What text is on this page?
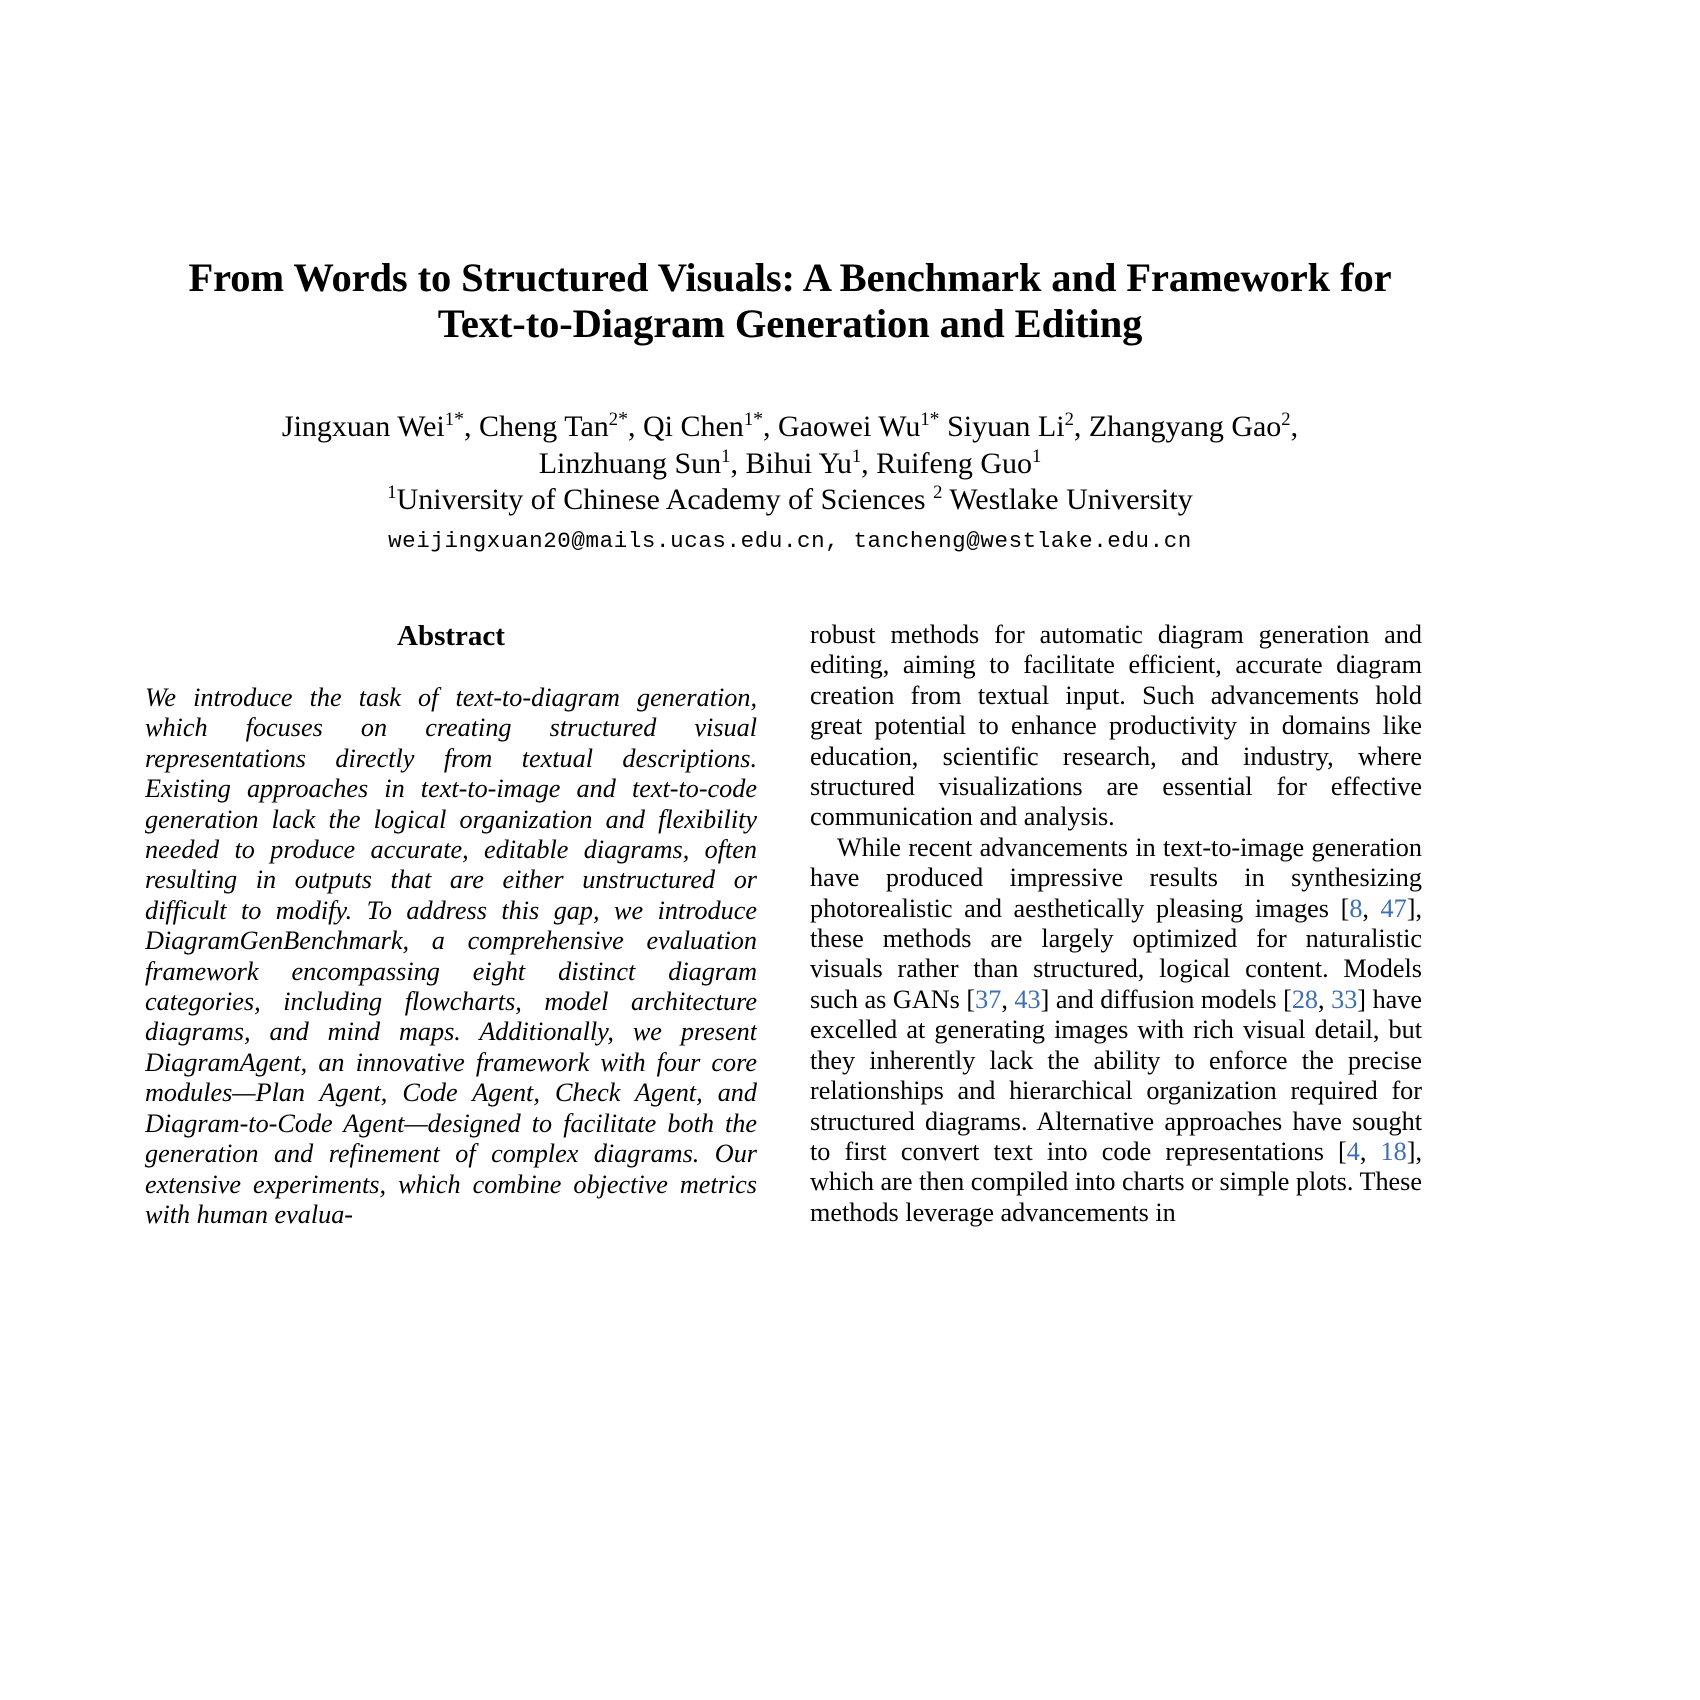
From Words to Structured Visuals: A Benchmark and Framework for
Text-to-Diagram Generation and Editing
Jingxuan Wei$^{1*}$, Cheng Tan$^{2*}$, Qi Chen$^{1*}$, Gaowei $Wu^{1*}$ Siyuan Li$^2$, Zhangyang Gao$^2$,
Linzhuang Sun$^1$, Bihui Yu$^1$, Ruifeng Guo$^1$
$^1$University of Chinese Academy of Sciences $^2$ Westlake University
weijingxuan20@mails.ucas.edu.cn, tancheng@westlake.edu.cn
Abstract

We introduce the task of text-to-diagram generation, which focuses on creating structured visual representations directly from textual descriptions. Existing approaches in text-to-image and text-to-code generation lack the logical organization and flexibility needed to produce accurate, editable diagrams, often resulting in outputs that are either unstructured or difficult to modify. To address this gap, we introduce DiagramGenBenchmark, a comprehensive evaluation framework encompassing eight distinct diagram categories, including flowcharts, model architecture diagrams, and mind maps. Additionally, we present DiagramAgent, an innovative framework with four core modules—Plan Agent, Code Agent, Check Agent, and Diagram-to-Code Agent—designed to facilitate both the generation and refinement of complex diagrams. Our extensive experiments, which combine objective metrics with human evalua-

robust methods for automatic diagram generation and editing, aiming to facilitate efficient, accurate diagram creation from textual input. Such advancements hold great potential to enhance productivity in domains like education, scientific research, and industry, where structured visualizations are essential for effective communication and analysis.

While recent advancements in text-to-image generation have produced impressive results in synthesizing photorealistic and aesthetically pleasing images [8, 47], these methods are largely optimized for naturalistic visuals rather than structured, logical content. Models such as GANs [37, 43] and diffusion models [28, 33] have excelled at generating images with rich visual detail, but they inherently lack the ability to enforce the precise relationships and hierarchical organization required for structured diagrams. Alternative approaches have sought to first convert text into code representations [4, 18], which are then compiled into charts or simple plots. These methods leverage advancements in
